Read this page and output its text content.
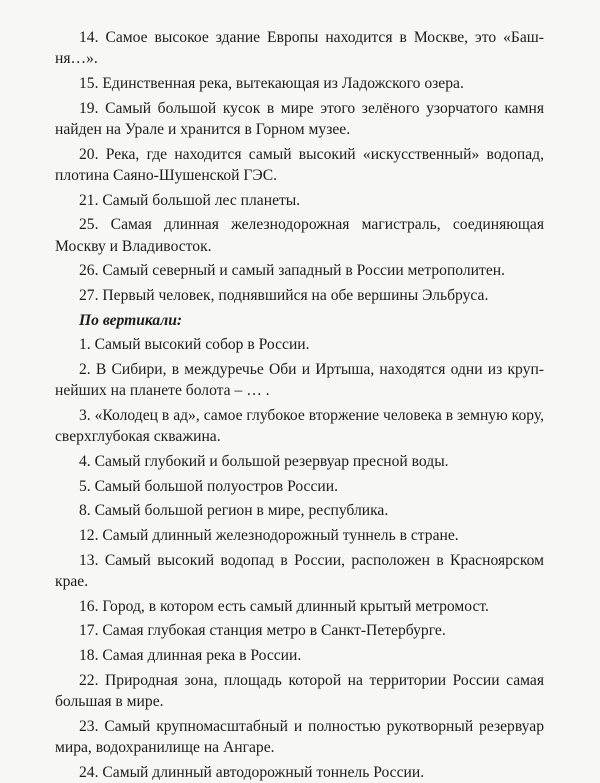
14. Самое высокое здание Европы находится в Москве, это «Башня…».

15. Единственная река, вытекающая из Ладожского озера.

19. Самый большой кусок в мире этого зелёного узорчатого камня найден на Урале и хранится в Горном музее.

20. Река, где находится самый высокий «искусственный» водопад, плотина Саяно-Шушенской ГЭС.

21. Самый большой лес планеты.

25. Самая длинная железнодорожная магистраль, соединяющая Москву и Владивосток.

26. Самый северный и самый западный в России метрополитен.

27. Первый человек, поднявшийся на обе вершины Эльбруса.

По вертикали:

1. Самый высокий собор в России.

2. В Сибири, в междуречье Оби и Иртыша, находятся одни из крупнейших на планете болота – … .

3. «Колодец в ад», самое глубокое вторжение человека в земную кору, сверхглубокая скважина.

4. Самый глубокий и большой резервуар пресной воды.

5. Самый большой полуостров России.

8. Самый большой регион в мире, республика.

12. Самый длинный железнодорожный туннель в стране.

13. Самый высокий водопад в России, расположен в Красноярском крае.

16. Город, в котором есть самый длинный крытый метромост.

17. Самая глубокая станция метро в Санкт-Петербурге.

18. Самая длинная река в России.

22. Природная зона, площадь которой на территории России самая большая в мире.

23. Самый крупномасштабный и полностью рукотворный резервуар мира, водохранилище на Ангаре.

24. Самый длинный автодорожный тоннель России.
